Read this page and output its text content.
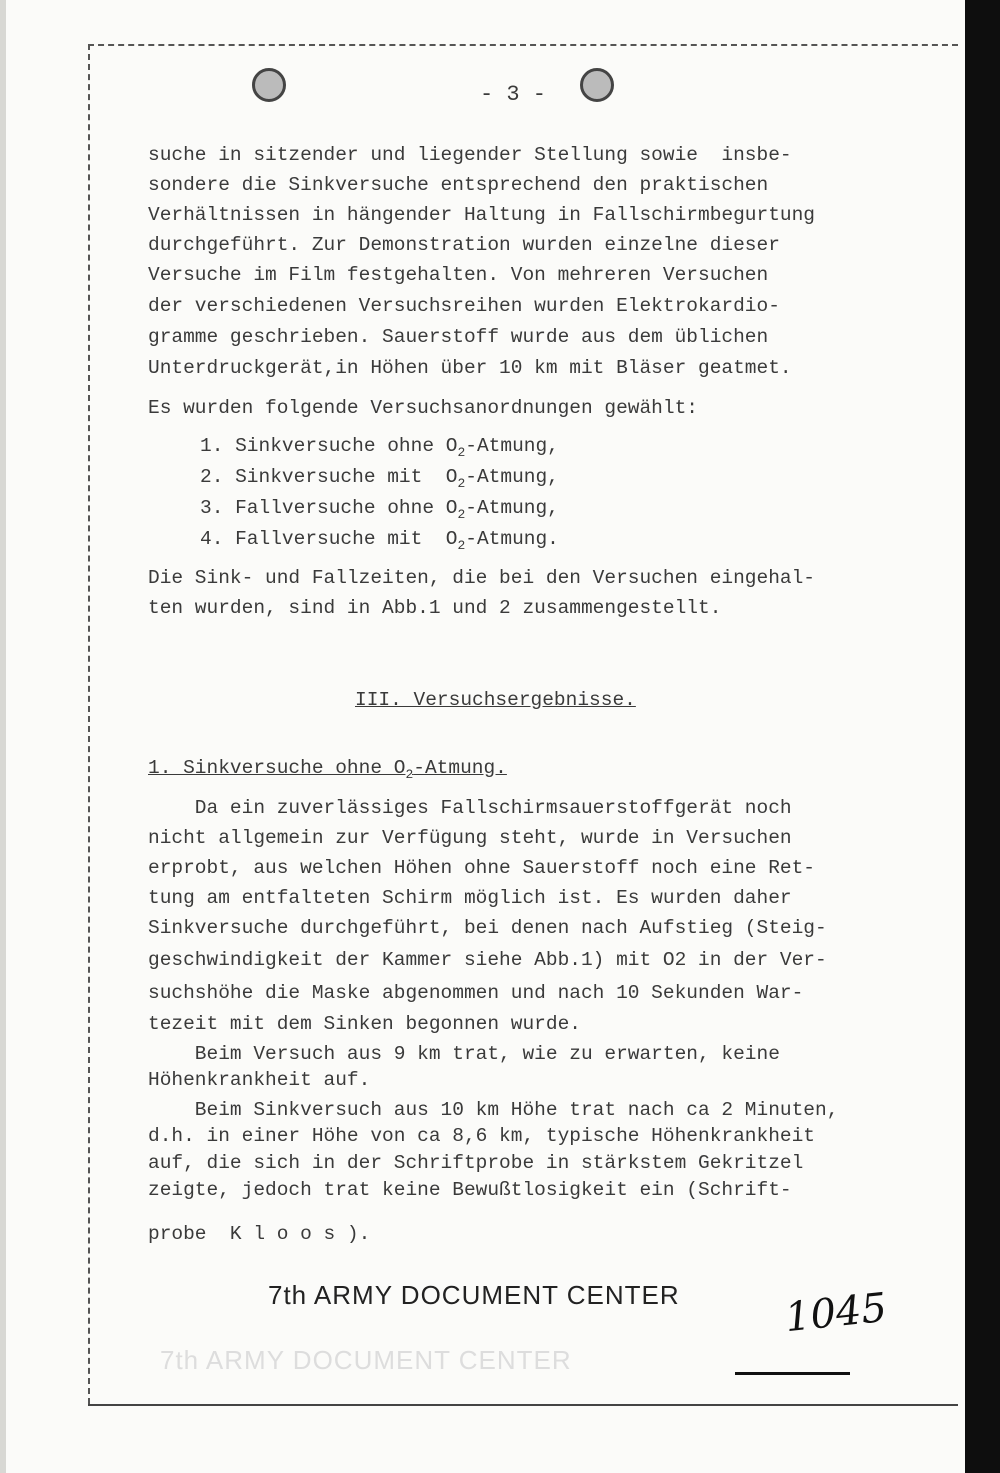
- 3 -
suche in sitzender und liegender Stellung sowie  insbe-
sondere die Sinkversuche entsprechend den praktischen
Verhältnissen in hängender Haltung in Fallschirmbegurtung
durchgeführt. Zur Demonstration wurden einzelne dieser
Versuche im Film festgehalten. Von mehreren Versuchen
der verschiedenen Versuchsreihen wurden Elektrokardio-
gramme geschrieben. Sauerstoff wurde aus dem üblichen
Unterdruckgerät,in Höhen über 10 km mit Bläser geatmet.
Es wurden folgende Versuchsanordnungen gewählt:
1. Sinkversuche ohne $O_2$-Atmung,
2. Sinkversuche mit  $O_2$-Atmung,
3. Fallversuche ohne $O_2$-Atmung,
4. Fallversuche mit  $O_2$-Atmung.
Die Sink- und Fallzeiten, die bei den Versuchen eingehal-
ten wurden, sind in Abb.1 und 2 zusammengestellt.
III. Versuchsergebnisse.
1. Sinkversuche ohne $O_2$-Atmung.
Da ein zuverlässiges Fallschirmsauerstoffgerät noch
nicht allgemein zur Verfügung steht, wurde in Versuchen
erprobt, aus welchen Höhen ohne Sauerstoff noch eine Ret-
tung am entfalteten Schirm möglich ist. Es wurden daher
Sinkversuche durchgeführt, bei denen nach Aufstieg (Steig-
geschwindigkeit der Kammer siehe Abb.1) mit O2 in der Ver-
suchshöhe die Maske abgenommen und nach 10 Sekunden War-
tezeit mit dem Sinken begonnen wurde.
Beim Versuch aus 9 km trat, wie zu erwarten, keine
Höhenkrankheit auf.
Beim Sinkversuch aus 10 km Höhe trat nach ca 2 Minuten,
d.h. in einer Höhe von ca 8,6 km, typische Höhenkrankheit
auf, die sich in der Schriftprobe in stärkstem Gekritzel
zeigte, jedoch trat keine Bewußtlosigkeit ein (Schrift-
probe  K l o o s ).
7th ARMY DOCUMENT CENTER
7th ARMY DOCUMENT CENTER	1045
